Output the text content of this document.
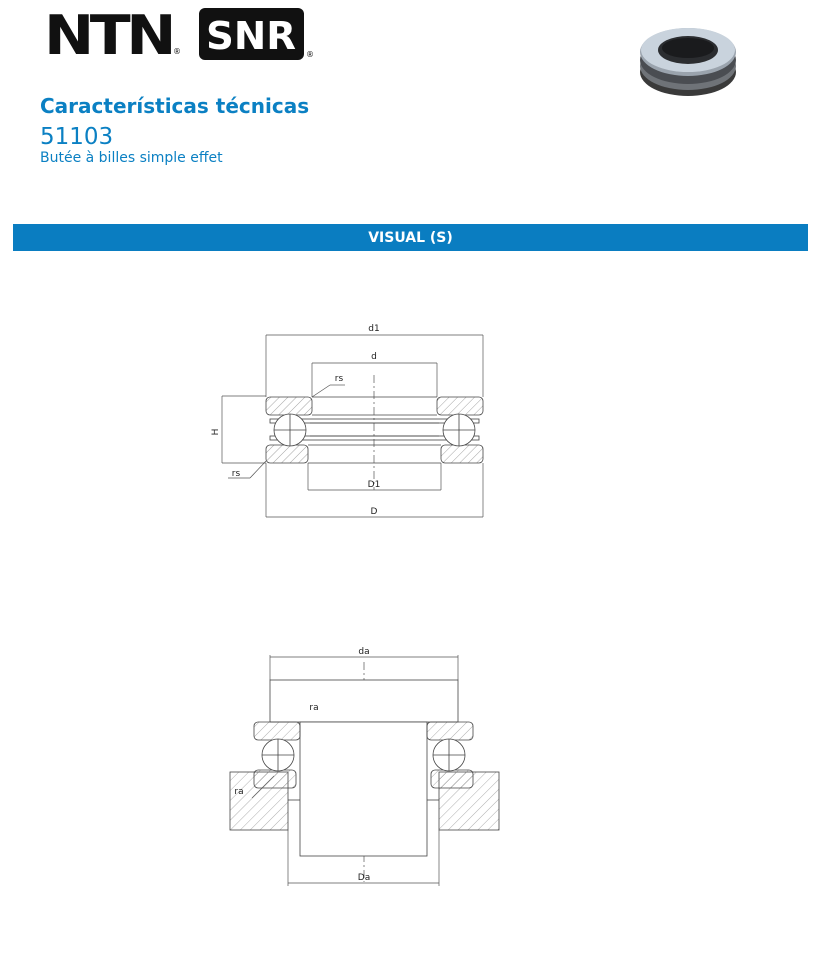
NTN ® SNR ®
Características técnicas
51103
Butée à billes simple effet
VISUAL (S)
d1
d
rs
H
rs
D1
D
da
ra
ra
Da
